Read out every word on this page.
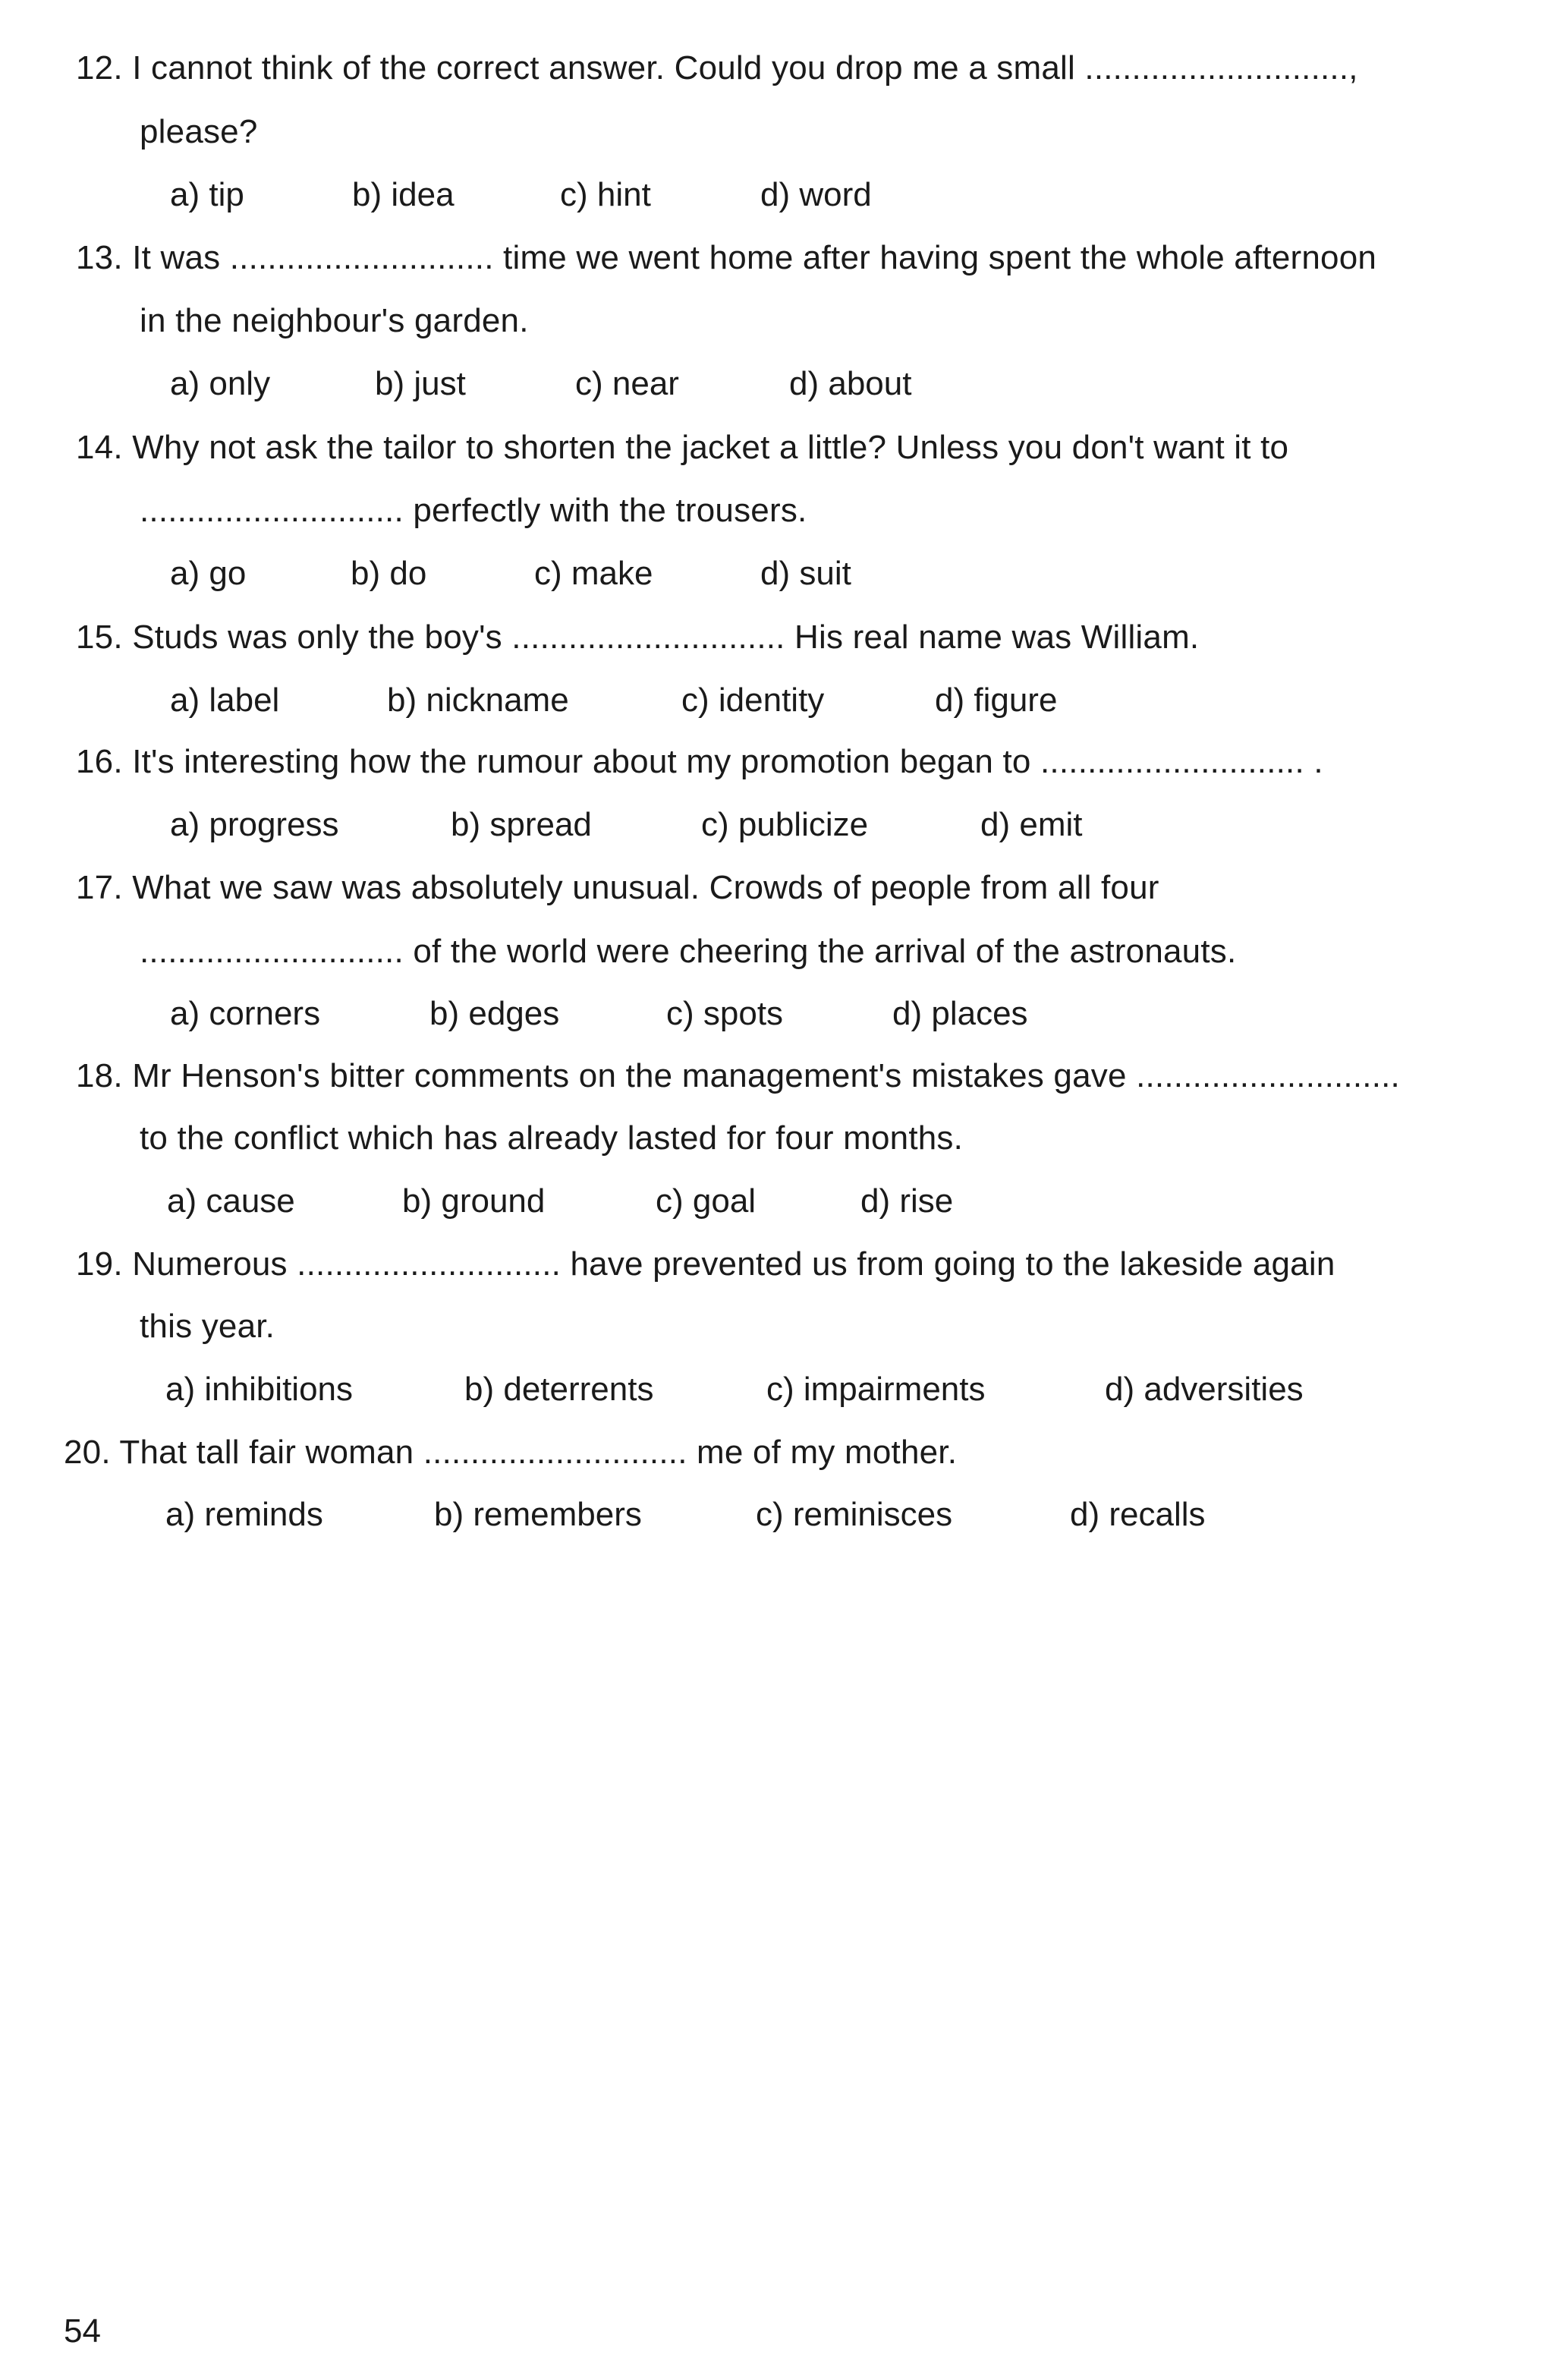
12. I cannot think of the correct answer. Could you drop me a small ............................,
please?

a) tip

	b) idea

	c) hint

	d) word

13. It was ............................ time we went home after having spent the whole afternoon
in the neighbour's garden.

a) only

	b) just

	c) near

	d) about

14. Why not ask the tailor to shorten the jacket a little? Unless you don't want it to
............................ perfectly with the trousers.

a) go

	b) do

	c) make

	d) suit

15. Studs was only the boy's ............................. His real name was William.

a) label

	b) nickname

	c) identity

	d) figure

16. It's interesting how the rumour about my promotion began to ............................ .

a) progress

	b) spread

	c) publicize

	d) emit

17. What we saw was absolutely unusual. Crowds of people from all four
............................ of the world were cheering the arrival of the astronauts.

a) corners

	b) edges

	c) spots

	d) places

18. Mr Henson's bitter comments on the management's mistakes gave ............................
to the conflict which has already lasted for four months.

a) cause

	b) ground

	c) goal

	d) rise

19. Numerous ............................ have prevented us from going to the lakeside again
this year.

a) inhibitions

	b) deterrents

	c) impairments

	d) adversities

20. That tall fair woman ............................ me of my mother.

a) reminds

	b) remembers

	c) reminisces

	d) recalls

54
